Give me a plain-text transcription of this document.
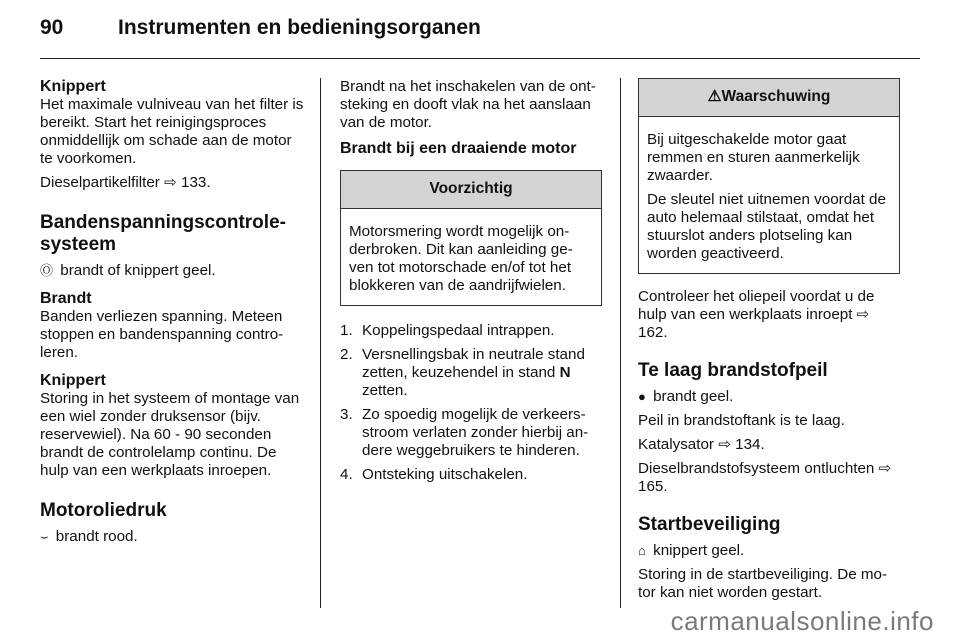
90	Instrumenten en bedieningsorganen
Knippert

Het maximale vulniveau van het filter is bereikt. Start het reinigingsproces onmiddellijk om schade aan de motor te voorkomen.

Dieselpartikelfilter ⇨ 133.

Bandenspanningscontrole-systeem

Ⓞ brandt of knippert geel.

Brandt

Banden verliezen spanning. Meteen stoppen en bandenspanning contro-leren.

Knippert

Storing in het systeem of montage van een wiel zonder druksensor (bijv. reservewiel). Na 60 - 90 seconden brandt de controlelamp continu. De hulp van een werkplaats inroepen.

Motoroliedruk

⌣ brandt rood.

Brandt na het inschakelen van de ont-steking en dooft vlak na het aanslaan van de motor.

Brandt bij een draaiende motor
Voorzichtig

Motorsmering wordt mogelijk on-derbroken. Dit kan aanleiding ge-ven tot motorschade en/of tot het blokkeren van de aandrijfwielen.

1. Koppelingspedaal intrappen.
2. Versnellingsbak in neutrale stand zetten, keuzehendel in stand N zetten.
3. Zo spoedig mogelijk de verkeers-stroom verlaten zonder hierbij an-dere weggebruikers te hinderen.
4. Ontsteking uitschakelen.
⚠Waarschuwing

Bij uitgeschakelde motor gaat remmen en sturen aanmerkelijk zwaarder.

De sleutel niet uitnemen voordat de auto helemaal stilstaat, omdat het stuurslot anders plotseling kan worden geactiveerd.

Controleer het oliepeil voordat u de hulp van een werkplaats inroept ⇨ 162.

Te laag brandstofpeil

● brandt geel.

Peil in brandstoftank is te laag.

Katalysator ⇨ 134.

Dieselbrandstofsysteem ontluchten ⇨ 165.

Startbeveiliging

⌂ knippert geel.

Storing in de startbeveiliging. De mo-tor kan niet worden gestart.

carmanualsonline.info
